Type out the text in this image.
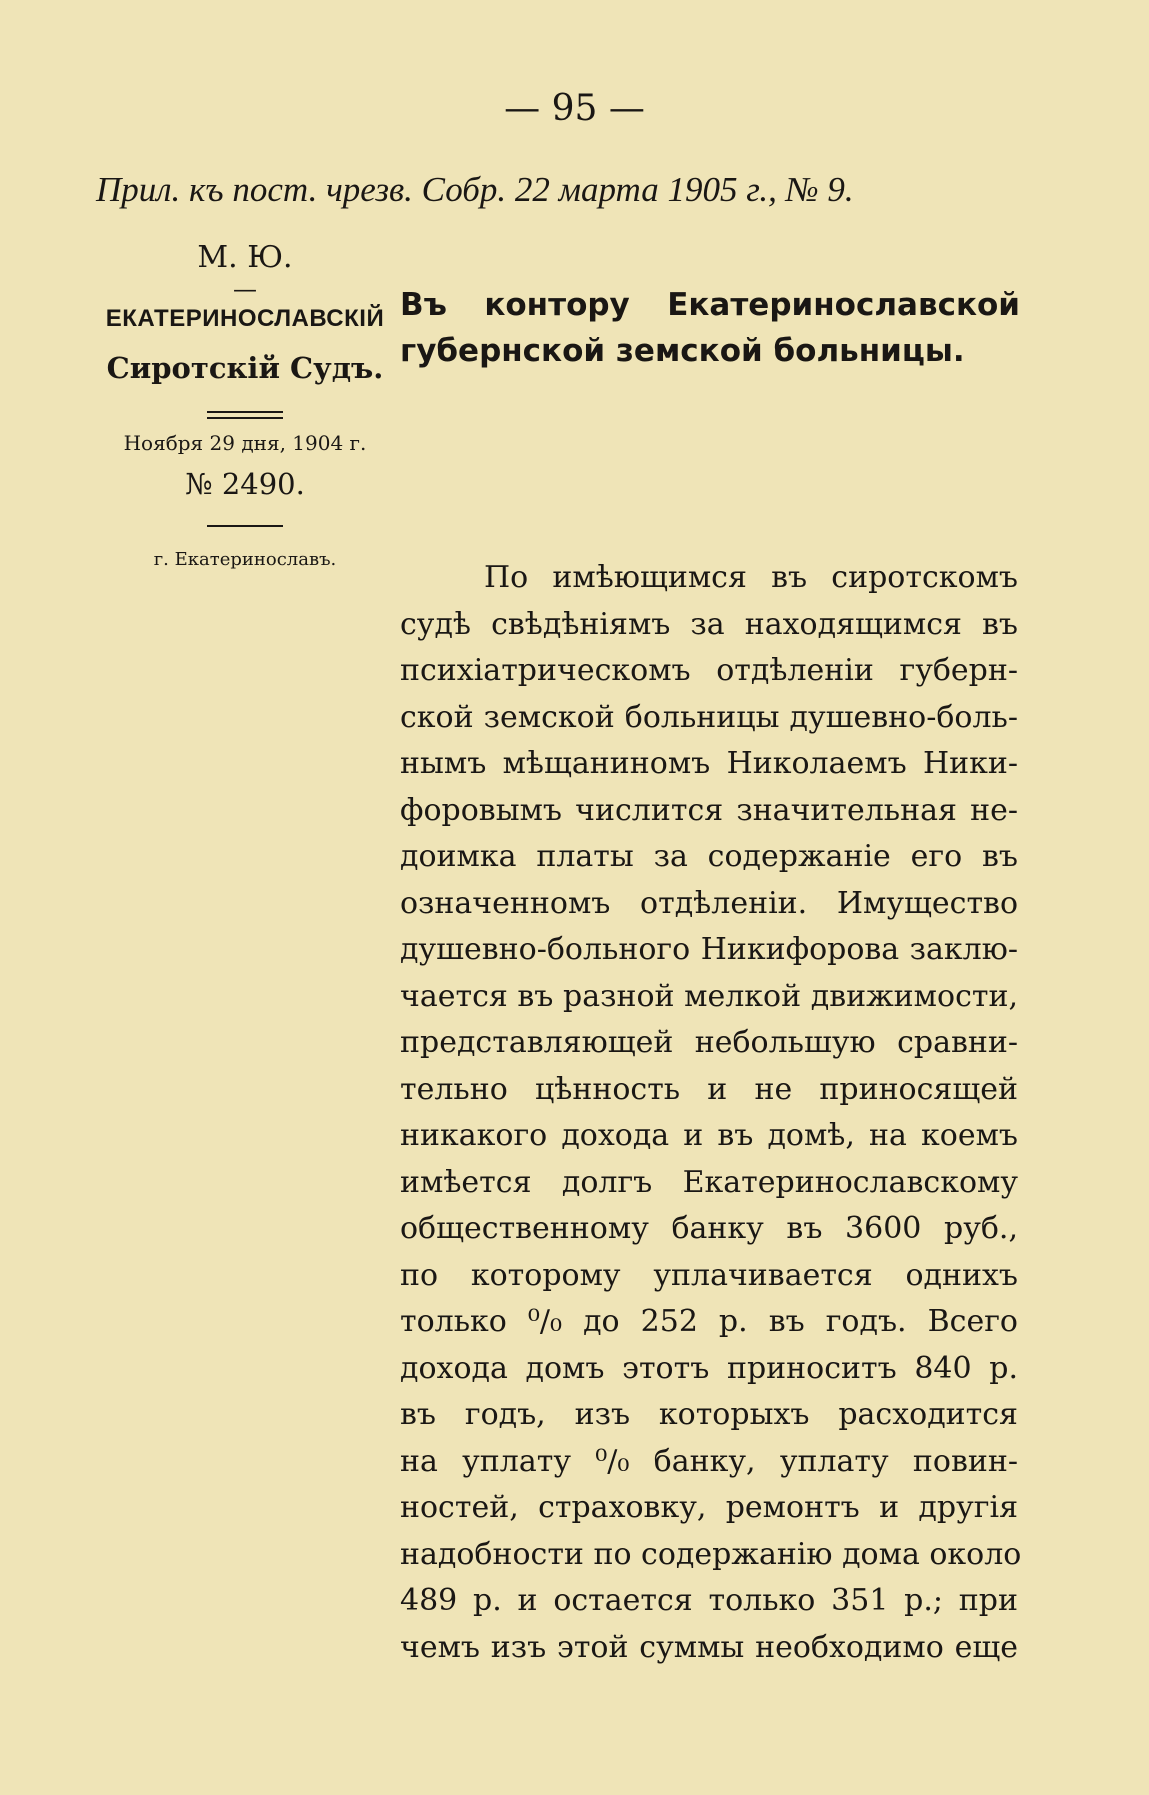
— 95 —
Прил. къ пост. чрезв. Собр. 22 марта 1905 г., № 9.
М. Ю.
—
ЕКАТЕРИНОСЛАВСКІЙ
Сиротскій Судъ.
Ноября 29 дня, 1904 г.
№ 2490.
г. Екатеринославъ.
Въ контору Екатеринославской губернской земской больницы.
По имѣющимся въ сиротскомъ
судѣ свѣдѣніямъ за находящимся въ
психіатрическомъ отдѣленіи губерн-
ской земской больницы душевно-боль-
нымъ мѣщаниномъ Николаемъ Ники-
форовымъ числится значительная не-
доимка платы за содержаніе его въ
означенномъ отдѣленіи. Имущество
душевно-больного Никифорова заклю-
чается въ разной мелкой движимости,
представляющей небольшую сравни-
тельно цѣнность и не приносящей
никакого дохода и въ домѣ, на коемъ
имѣется долгъ Екатеринославскому
общественному банку въ 3600 руб.,
по которому уплачивается однихъ
только ⁰/₀ до 252 р. въ годъ. Всего
дохода домъ этотъ приноситъ 840 р.
въ годъ, изъ которыхъ расходится
на уплату ⁰/₀ банку, уплату повин-
ностей, страховку, ремонтъ и другія
надобности по содержанію дома около
489 р. и остается только 351 р.; при
чемъ изъ этой суммы необходимо еще
